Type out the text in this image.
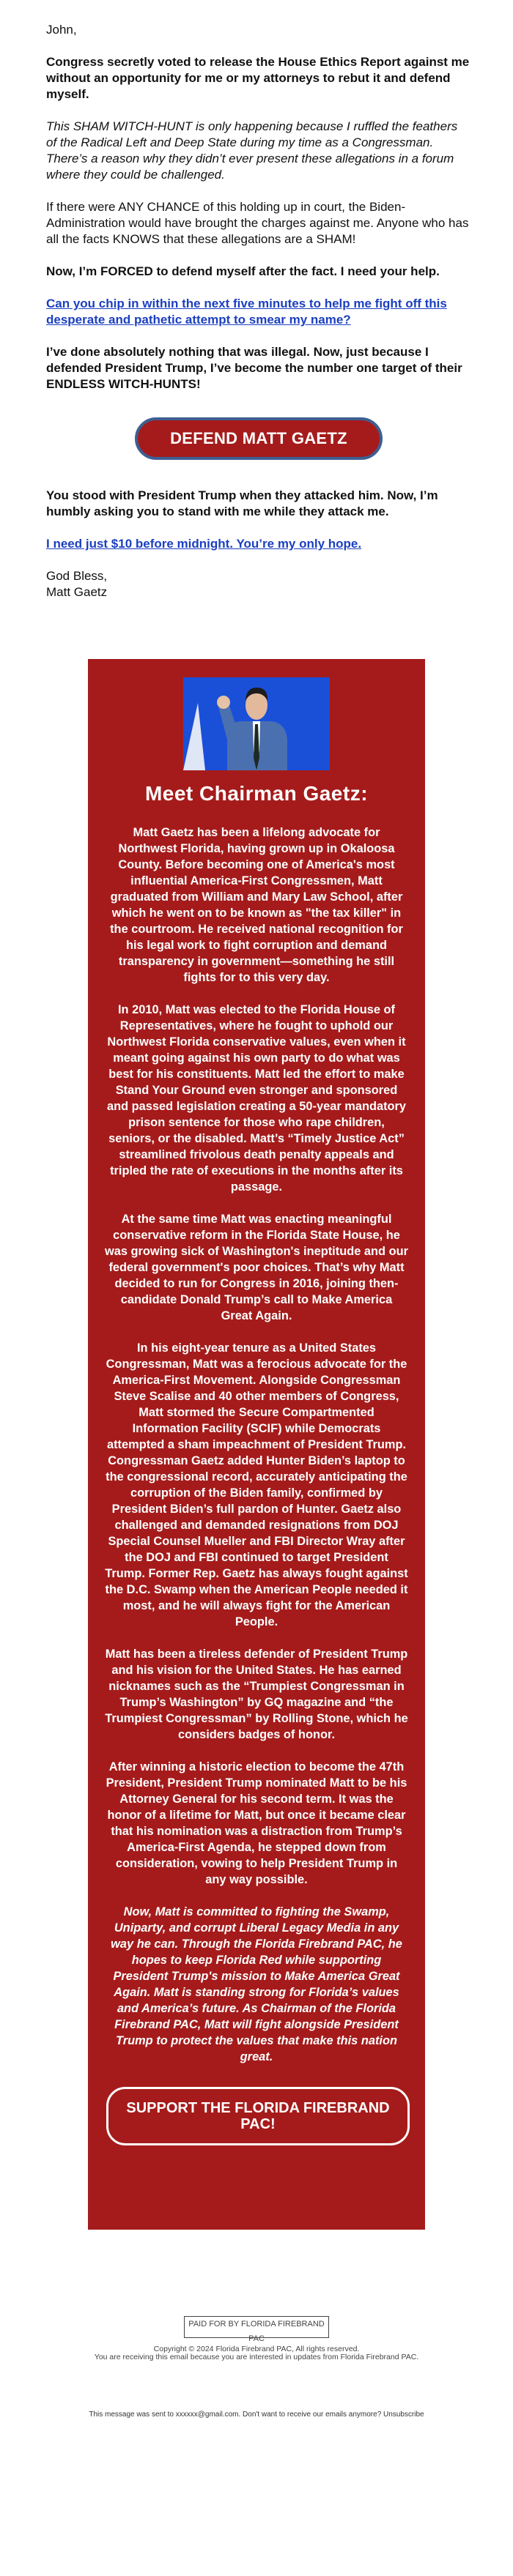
John,

Congress secretly voted to release the House Ethics Report against me without an opportunity for me or my attorneys to rebut it and defend myself.

This SHAM WITCH-HUNT is only happening because I ruffled the feathers of the Radical Left and Deep State during my time as a Congressman. There’s a reason why they didn’t ever present these allegations in a forum where they could be challenged.

If there were ANY CHANCE of this holding up in court, the Biden-Administration would have brought the charges against me. Anyone who has all the facts KNOWS that these allegations are a SHAM!

Now, I’m FORCED to defend myself after the fact. I need your help.

Can you chip in within the next five minutes to help me fight off this desperate and pathetic attempt to smear my name?

I’ve done absolutely nothing that was illegal. Now, just because I defended President Trump, I’ve become the number one target of their ENDLESS WITCH-HUNTS!

DEFEND MATT GAETZ

You stood with President Trump when they attacked him. Now, I’m humbly asking you to stand with me while they attack me.

I need just $10 before midnight. You’re my only hope.

God Bless,
Matt Gaetz

Meet Chairman Gaetz:

Matt Gaetz has been a lifelong advocate for Northwest Florida, having grown up in Okaloosa County. Before becoming one of America's most influential America-First Congressmen, Matt graduated from William and Mary Law School, after which he went on to be known as "the tax killer" in the courtroom. He received national recognition for his legal work to fight corruption and demand transparency in government—something he still fights for to this very day.

In 2010, Matt was elected to the Florida House of Representatives, where he fought to uphold our Northwest Florida conservative values, even when it meant going against his own party to do what was best for his constituents. Matt led the effort to make Stand Your Ground even stronger and sponsored and passed legislation creating a 50-year mandatory prison sentence for those who rape children, seniors, or the disabled. Matt’s “Timely Justice Act” streamlined frivolous death penalty appeals and tripled the rate of executions in the months after its passage.

At the same time Matt was enacting meaningful conservative reform in the Florida State House, he was growing sick of Washington's ineptitude and our federal government's poor choices. That’s why Matt decided to run for Congress in 2016, joining then-candidate Donald Trump’s call to Make America Great Again.

In his eight-year tenure as a United States Congressman, Matt was a ferocious advocate for the America-First Movement. Alongside Congressman Steve Scalise and 40 other members of Congress, Matt stormed the Secure Compartmented Information Facility (SCIF) while Democrats attempted a sham impeachment of President Trump. Congressman Gaetz added Hunter Biden’s laptop to the congressional record, accurately anticipating the corruption of the Biden family, confirmed by President Biden’s full pardon of Hunter. Gaetz also challenged and demanded resignations from DOJ Special Counsel Mueller and FBI Director Wray after the DOJ and FBI continued to target President Trump. Former Rep. Gaetz has always fought against the D.C. Swamp when the American People needed it most, and he will always fight for the American People.

Matt has been a tireless defender of President Trump and his vision for the United States. He has earned nicknames such as the “Trumpiest Congressman in Trump’s Washington” by GQ magazine and “the Trumpiest Congressman” by Rolling Stone, which he considers badges of honor.

After winning a historic election to become the 47th President, President Trump nominated Matt to be his Attorney General for his second term. It was the honor of a lifetime for Matt, but once it became clear that his nomination was a distraction from Trump’s America-First Agenda, he stepped down from consideration, vowing to help President Trump in any way possible.

Now, Matt is committed to fighting the Swamp, Uniparty, and corrupt Liberal Legacy Media in any way he can. Through the Florida Firebrand PAC, he hopes to keep Florida Red while supporting President Trump's mission to Make America Great Again. Matt is standing strong for Florida’s values and America’s future. As Chairman of the Florida Firebrand PAC, Matt will fight alongside President Trump to protect the values that make this nation great.

SUPPORT THE FLORIDA FIREBRAND PAC!
PAID FOR BY FLORIDA FIREBRAND PAC
Copyright © 2024 Florida Firebrand PAC, All rights reserved.
You are receiving this email because you are interested in updates from Florida Firebrand PAC.
This message was sent to xxxxxx@gmail.com. Don't want to receive our emails anymore? Unsubscribe
